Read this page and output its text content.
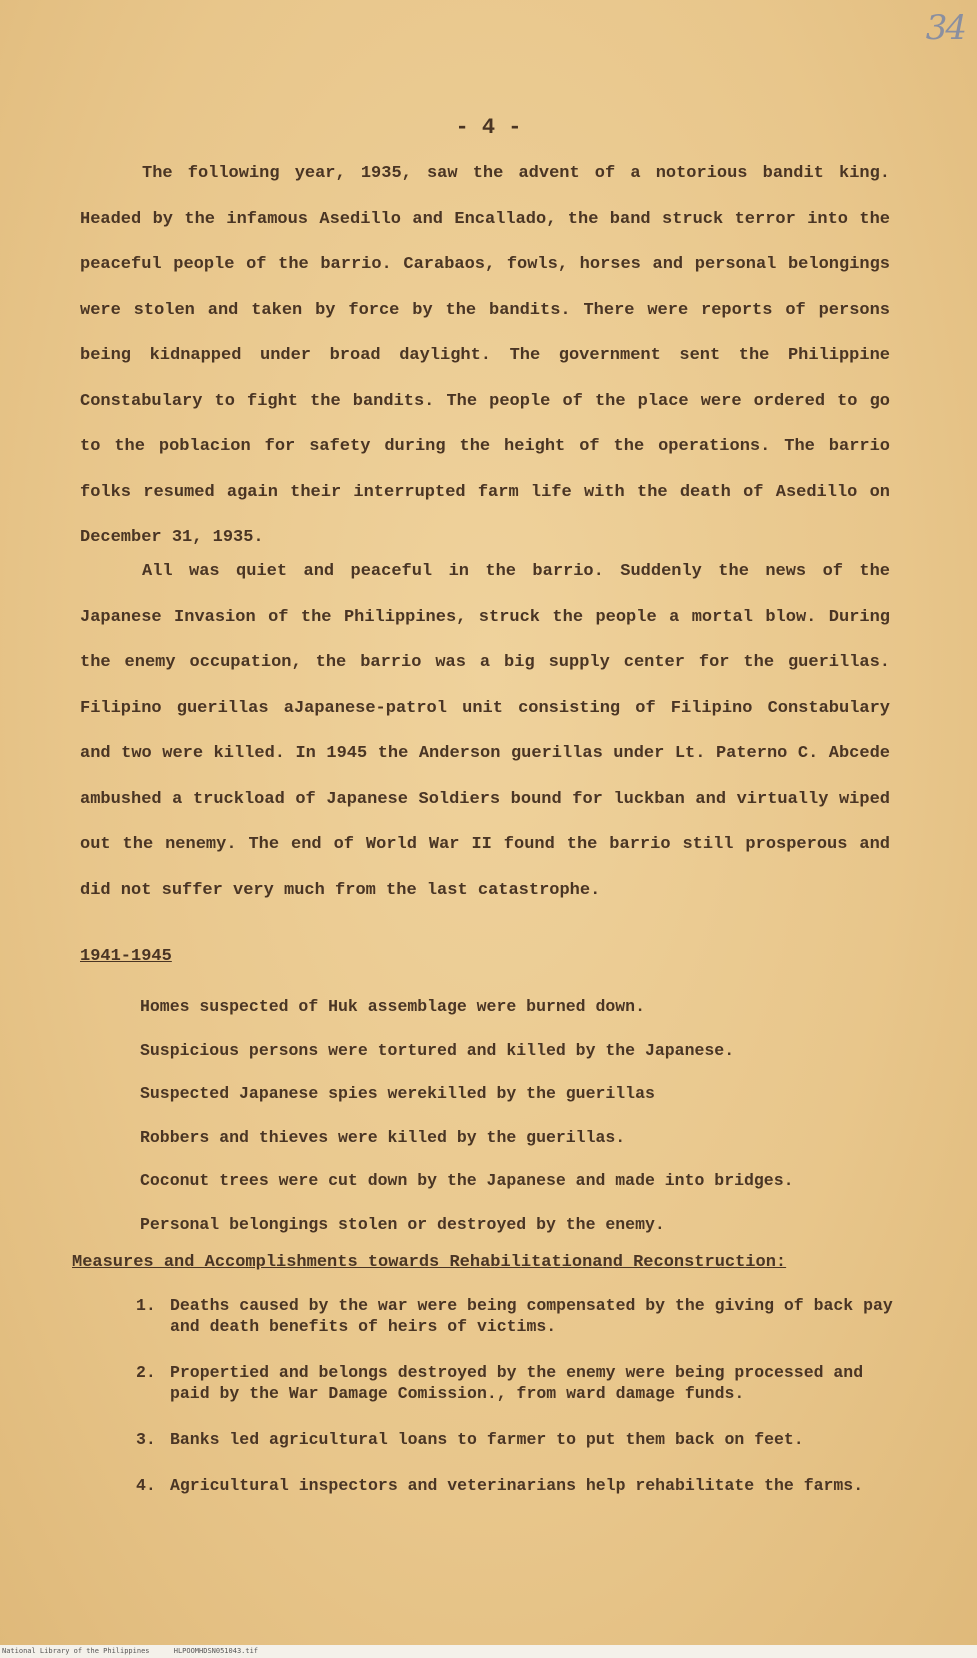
34
- 4 -

The following year, 1935, saw the advent of a notorious bandit king. Headed by the infamous Asedillo and Encallado, the band struck terror into the peaceful people of the barrio. Carabaos, fowls, horses and personal belongings were stolen and taken by force by the bandits. There were reports of persons being kidnapped under broad daylight. The government sent the Philippine Constabulary to fight the bandits. The people of the place were ordered to go to the poblacion for safety during the height of the operations. The barrio folks resumed again their interrupted farm life with the death of Asedillo on December 31, 1935.

All was quiet and peaceful in the barrio. Suddenly the news of the Japanese Invasion of the Philippines, struck the people a mortal blow. During the enemy occupation, the barrio was a big supply center for the guerillas. Filipino guerillas aJapanese-patrol unit consisting of Filipino Constabulary and two were killed. In 1945 the Anderson guerillas under Lt. Paterno C. Abcede ambushed a truckload of Japanese Soldiers bound for luckban and virtually wiped out the nenemy. The end of World War II found the barrio still prosperous and did not suffer very much from the last catastrophe.

1941-1945
Homes suspected of Huk assemblage were burned down.
Suspicious persons were tortured and killed by the Japanese.
Suspected Japanese spies werekilled by the guerillas
Robbers and thieves were killed by the guerillas.
Coconut trees were cut down by the Japanese and made into bridges.
Personal belongings stolen or destroyed by the enemy.
Measures and Accomplishments towards Rehabilitationand Reconstruction:
1. Deaths caused by the war were being compensated by the giving of back pay and death benefits of heirs of victims.
2. Propertied and belongs destroyed by the enemy were being processed and paid by the War Damage Comission., from ward damage funds.
3. Banks led agricultural loans to farmer to put them back on feet.
4. Agricultural inspectors and veterinarians help rehabilitate the farms.
National Library of the Philippines	HLPOOMHDSN051043.tif
